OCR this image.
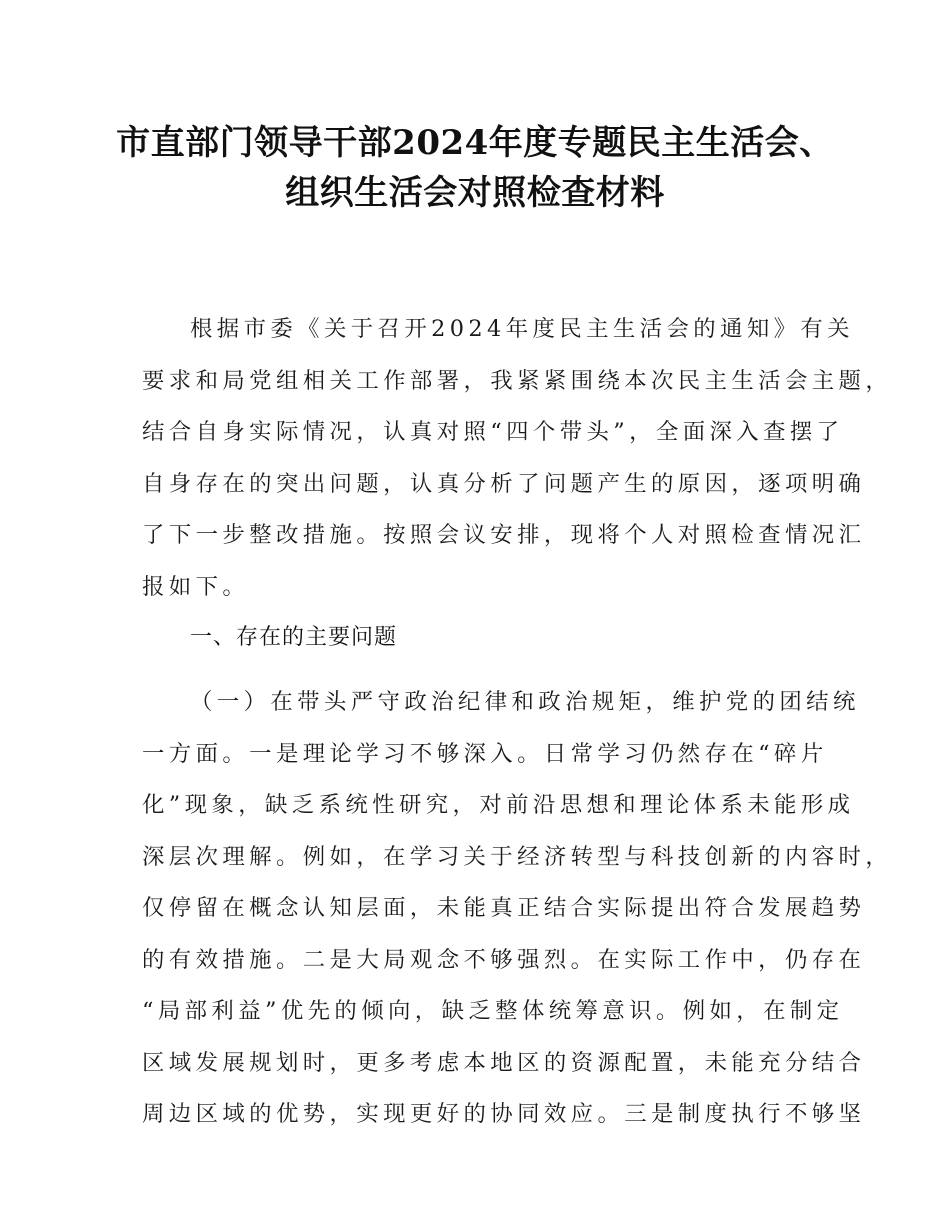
市直部门领导干部2024年度专题民主生活会、
组织生活会对照检查材料

根据市委《关于召开2024年度民主生活会的通知》有关
要求和局党组相关工作部署，我紧紧围绕本次民主生活会主题，
结合自身实际情况，认真对照“四个带头”，全面深入查摆了
自身存在的突出问题，认真分析了问题产生的原因，逐项明确
了下一步整改措施。按照会议安排，现将个人对照检查情况汇
报如下。

一、存在的主要问题

（一）在带头严守政治纪律和政治规矩，维护党的团结统
一方面。一是理论学习不够深入。日常学习仍然存在“碎片
化”现象，缺乏系统性研究，对前沿思想和理论体系未能形成
深层次理解。例如，在学习关于经济转型与科技创新的内容时，
仅停留在概念认知层面，未能真正结合实际提出符合发展趋势
的有效措施。二是大局观念不够强烈。在实际工作中，仍存在
“局部利益”优先的倾向，缺乏整体统筹意识。例如，在制定
区域发展规划时，更多考虑本地区的资源配置，未能充分结合
周边区域的优势，实现更好的协同效应。三是制度执行不够坚
